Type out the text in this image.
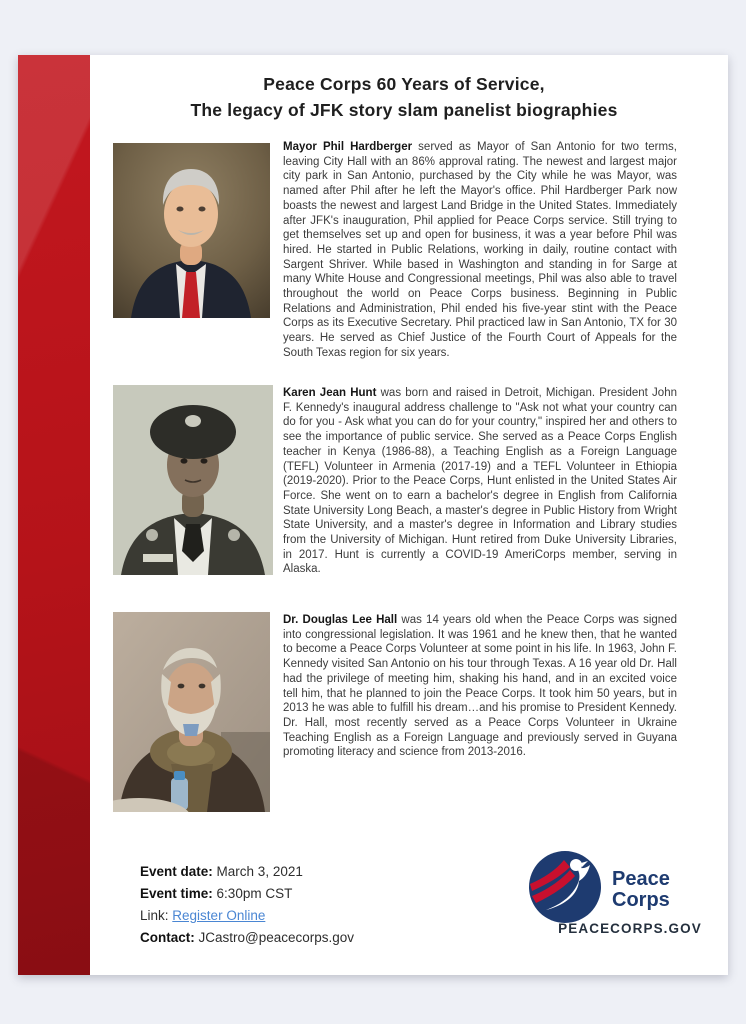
Peace Corps 60 Years of Service,
The legacy of JFK story slam panelist biographies
Mayor Phil Hardberger served as Mayor of San Antonio for two terms, leaving City Hall with an 86% approval rating. The newest and largest major city park in San Antonio, purchased by the City while he was Mayor, was named after Phil after he left the Mayor's office. Phil Hardberger Park now boasts the newest and largest Land Bridge in the United States. Immediately after JFK's inauguration, Phil applied for Peace Corps service. Still trying to get themselves set up and open for business, it was a year before Phil was hired. He started in Public Relations, working in daily, routine contact with Sargent Shriver. While based in Washington and standing in for Sarge at many White House and Congressional meetings, Phil was also able to travel throughout the world on Peace Corps business. Beginning in Public Relations and Administration, Phil ended his five-year stint with the Peace Corps as its Executive Secretary. Phil practiced law in San Antonio, TX for 30 years. He served as Chief Justice of the Fourth Court of Appeals for the South Texas region for six years.
Karen Jean Hunt was born and raised in Detroit, Michigan. President John F. Kennedy's inaugural address challenge to "Ask not what your country can do for you - Ask what you can do for your country," inspired her and others to see the importance of public service. She served as a Peace Corps English teacher in Kenya (1986-88), a Teaching English as a Foreign Language (TEFL) Volunteer in Armenia (2017-19) and a TEFL Volunteer in Ethiopia (2019-2020). Prior to the Peace Corps, Hunt enlisted in the United States Air Force. She went on to earn a bachelor's degree in English from California State University Long Beach, a master's degree in Public History from Wright State University, and a master's degree in Information and Library studies from the University of Michigan. Hunt retired from Duke University Libraries, in 2017. Hunt is currently a COVID-19 AmeriCorps member, serving in Alaska.
Dr. Douglas Lee Hall was 14 years old when the Peace Corps was signed into congressional legislation. It was 1961 and he knew then, that he wanted to become a Peace Corps Volunteer at some point in his life. In 1963, John F. Kennedy visited San Antonio on his tour through Texas. A 16 year old Dr. Hall had the privilege of meeting him, shaking his hand, and in an excited voice tell him, that he planned to join the Peace Corps. It took him 50 years, but in 2013 he was able to fulfill his dream…and his promise to President Kennedy. Dr. Hall, most recently served as a Peace Corps Volunteer in Ukraine Teaching English as a Foreign Language and previously served in Guyana promoting literacy and science from 2013-2016.
Event date: March 3, 2021
Event time: 6:30pm CST
Link: Register Online
Contact: JCastro@peacecorps.gov
Peace
Corps
PEACECORPS.GOV
